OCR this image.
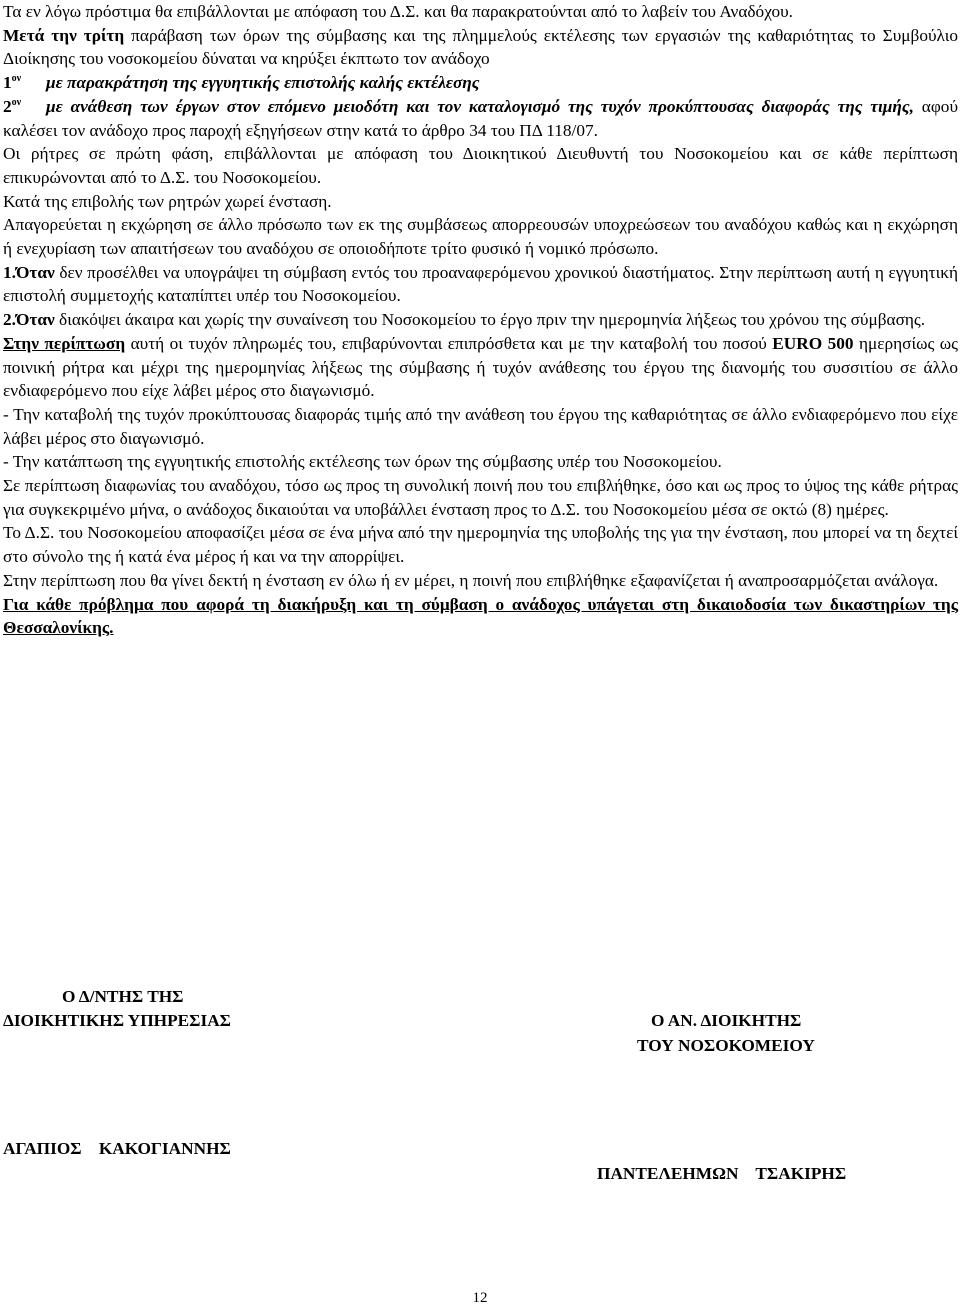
Τα εν λόγω πρόστιμα θα επιβάλλονται με απόφαση του Δ.Σ. και θα παρακρατούνται από το λαβείν του Αναδόχου.

Μετά την τρίτη παράβαση των όρων της σύμβασης και της πλημμελούς εκτέλεσης των εργασιών της καθαριότητας το Συμβούλιο Διοίκησης του νοσοκομείου δύναται να κηρύξει έκπτωτο τον ανάδοχο

$1^{o\nu}$ με παρακράτηση της εγγυητικής επιστολής καλής εκτέλεσης

$2^{o\nu}$ με ανάθεση των έργων στον επόμενο μειοδότη και τον καταλογισμό της τυχόν προκύπτουσας διαφοράς της τιμής, αφού καλέσει τον ανάδοχο προς παροχή εξηγήσεων στην κατά το άρθρο 34 του ΠΔ 118/07.

Οι ρήτρες σε πρώτη φάση, επιβάλλονται με απόφαση του Διοικητικού Διευθυντή του Νοσοκομείου και σε κάθε περίπτωση επικυρώνονται από το Δ.Σ. του Νοσοκομείου.

Κατά της επιβολής των ρητρών χωρεί ένσταση.

Απαγορεύεται η εκχώρηση σε άλλο πρόσωπο των εκ της συμβάσεως απορρεουσών υποχρεώσεων του αναδόχου καθώς και η εκχώρηση ή ενεχυρίαση των απαιτήσεων του αναδόχου σε οποιοδήποτε τρίτο φυσικό ή νομικό πρόσωπο.

1.Όταν δεν προσέλθει να υπογράψει τη σύμβαση εντός του προαναφερόμενου χρονικού διαστήματος. Στην περίπτωση αυτή η εγγυητική επιστολή συμμετοχής καταπίπτει υπέρ του Νοσοκομείου.

2.Όταν διακόψει άκαιρα και χωρίς την συναίνεση του Νοσοκομείου το έργο πριν την ημερομηνία λήξεως του χρόνου της σύμβασης.

Στην περίπτωση αυτή οι τυχόν πληρωμές του, επιβαρύνονται επιπρόσθετα και με την καταβολή του ποσού EURO 500 ημερησίως ως ποινική ρήτρα και μέχρι της ημερομηνίας λήξεως της σύμβασης ή τυχόν ανάθεσης του έργου της διανομής του συσσιτίου σε άλλο ενδιαφερόμενο που είχε λάβει μέρος στο διαγωνισμό.

- Την καταβολή της τυχόν προκύπτουσας διαφοράς τιμής από την ανάθεση του έργου της καθαριότητας σε άλλο ενδιαφερόμενο που είχε λάβει μέρος στο διαγωνισμό.

- Την κατάπτωση της εγγυητικής επιστολής εκτέλεσης των όρων της σύμβασης υπέρ του Νοσοκομείου.

Σε περίπτωση διαφωνίας του αναδόχου, τόσο ως προς τη συνολική ποινή που του επιβλήθηκε, όσο και ως προς το ύψος της κάθε ρήτρας για συγκεκριμένο μήνα, ο ανάδοχος δικαιούται να υποβάλλει ένσταση προς το Δ.Σ. του Νοσοκομείου μέσα σε οκτώ (8) ημέρες.

Το Δ.Σ. του Νοσοκομείου αποφασίζει μέσα σε ένα μήνα από την ημερομηνία της υποβολής της για την ένσταση, που μπορεί να τη δεχτεί στο σύνολο της ή κατά ένα μέρος ή και να την απορρίψει.

Στην περίπτωση που θα γίνει δεκτή η ένσταση εν όλω ή εν μέρει, η ποινή που επιβλήθηκε εξαφανίζεται ή αναπροσαρμόζεται ανάλογα.

Για κάθε πρόβλημα που αφορά τη διακήρυξη και τη σύμβαση ο ανάδοχος υπάγεται στη δικαιοδοσία των δικαστηρίων της Θεσσαλονίκης.

Ο Δ/ΝΤΗΣ ΤΗΣ
ΔΙΟΙΚΗΤΙΚΗΣ ΥΠΗΡΕΣΙΑΣ	Ο ΑΝ. ΔΙΟΙΚΗΤΗΣ
ΤΟΥ ΝΟΣΟΚΟΜΕΙΟΥ
ΑΓΑΠΙΟΣ    ΚΑΚΟΓΙΑΝΝΗΣ
ΠΑΝΤΕΛΕΗΜΩΝ    ΤΣΑΚΙΡΗΣ
12
